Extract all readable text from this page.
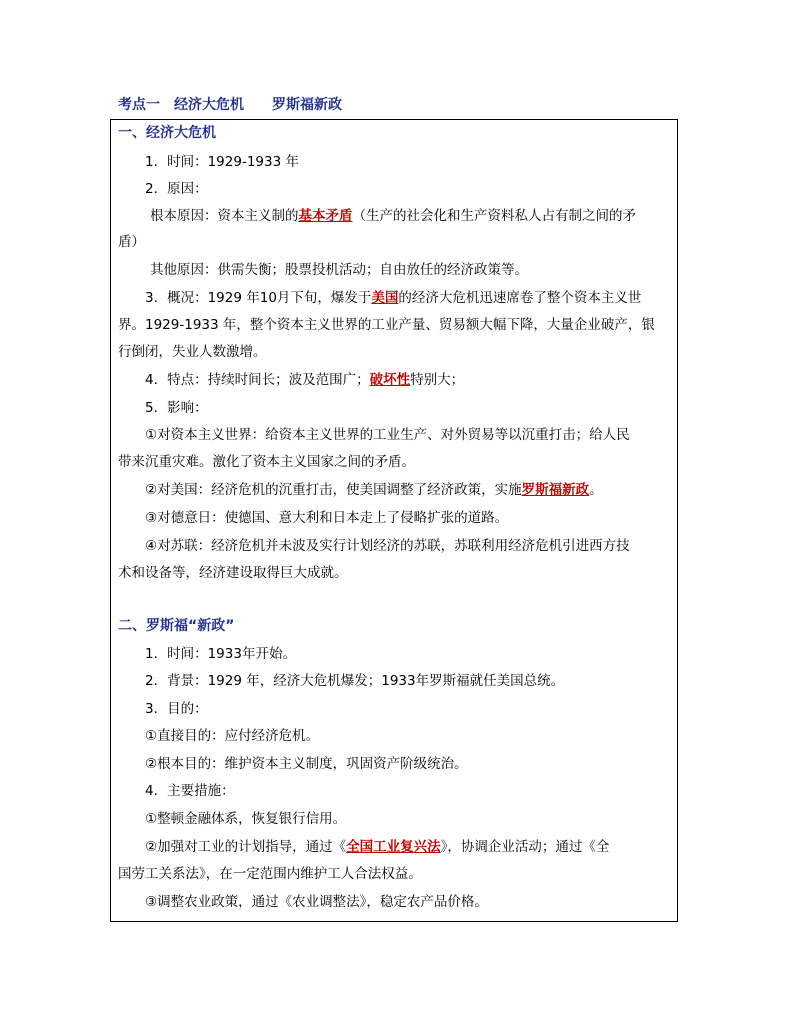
考点一　经济大危机　　罗斯福新政
一、经济大危机
1．时间：1929-1933 年
2．原因：
根本原因：资本主义制的基本矛盾（生产的社会化和生产资料私人占有制之间的矛
盾）
其他原因：供需失衡；股票投机活动；自由放任的经济政策等。
3．概况：1929 年10月下旬，爆发于美国的经济大危机迅速席卷了整个资本主义世
界。1929-1933 年，整个资本主义世界的工业产量、贸易额大幅下降，大量企业破产，银
行倒闭，失业人数激增。
4．特点：持续时间长；波及范围广；破坏性特别大；
5．影响：
①对资本主义世界：给资本主义世界的工业生产、对外贸易等以沉重打击；给人民
带来沉重灾难。激化了资本主义国家之间的矛盾。
②对美国：经济危机的沉重打击，使美国调整了经济政策，实施罗斯福新政。
③对德意日：使德国、意大利和日本走上了侵略扩张的道路。
④对苏联：经济危机并未波及实行计划经济的苏联，苏联利用经济危机引进西方技
术和设备等，经济建设取得巨大成就。
二、罗斯福“新政”
1．时间：1933年开始。
2．背景：1929 年，经济大危机爆发；1933年罗斯福就任美国总统。
3．目的：
①直接目的：应付经济危机。
②根本目的：维护资本主义制度，巩固资产阶级统治。
4．主要措施：
①整顿金融体系，恢复银行信用。
②加强对工业的计划指导，通过《全国工业复兴法》，协调企业活动；通过《全
国劳工关系法》，在一定范围内维护工人合法权益。
③调整农业政策，通过《农业调整法》，稳定农产品价格。
